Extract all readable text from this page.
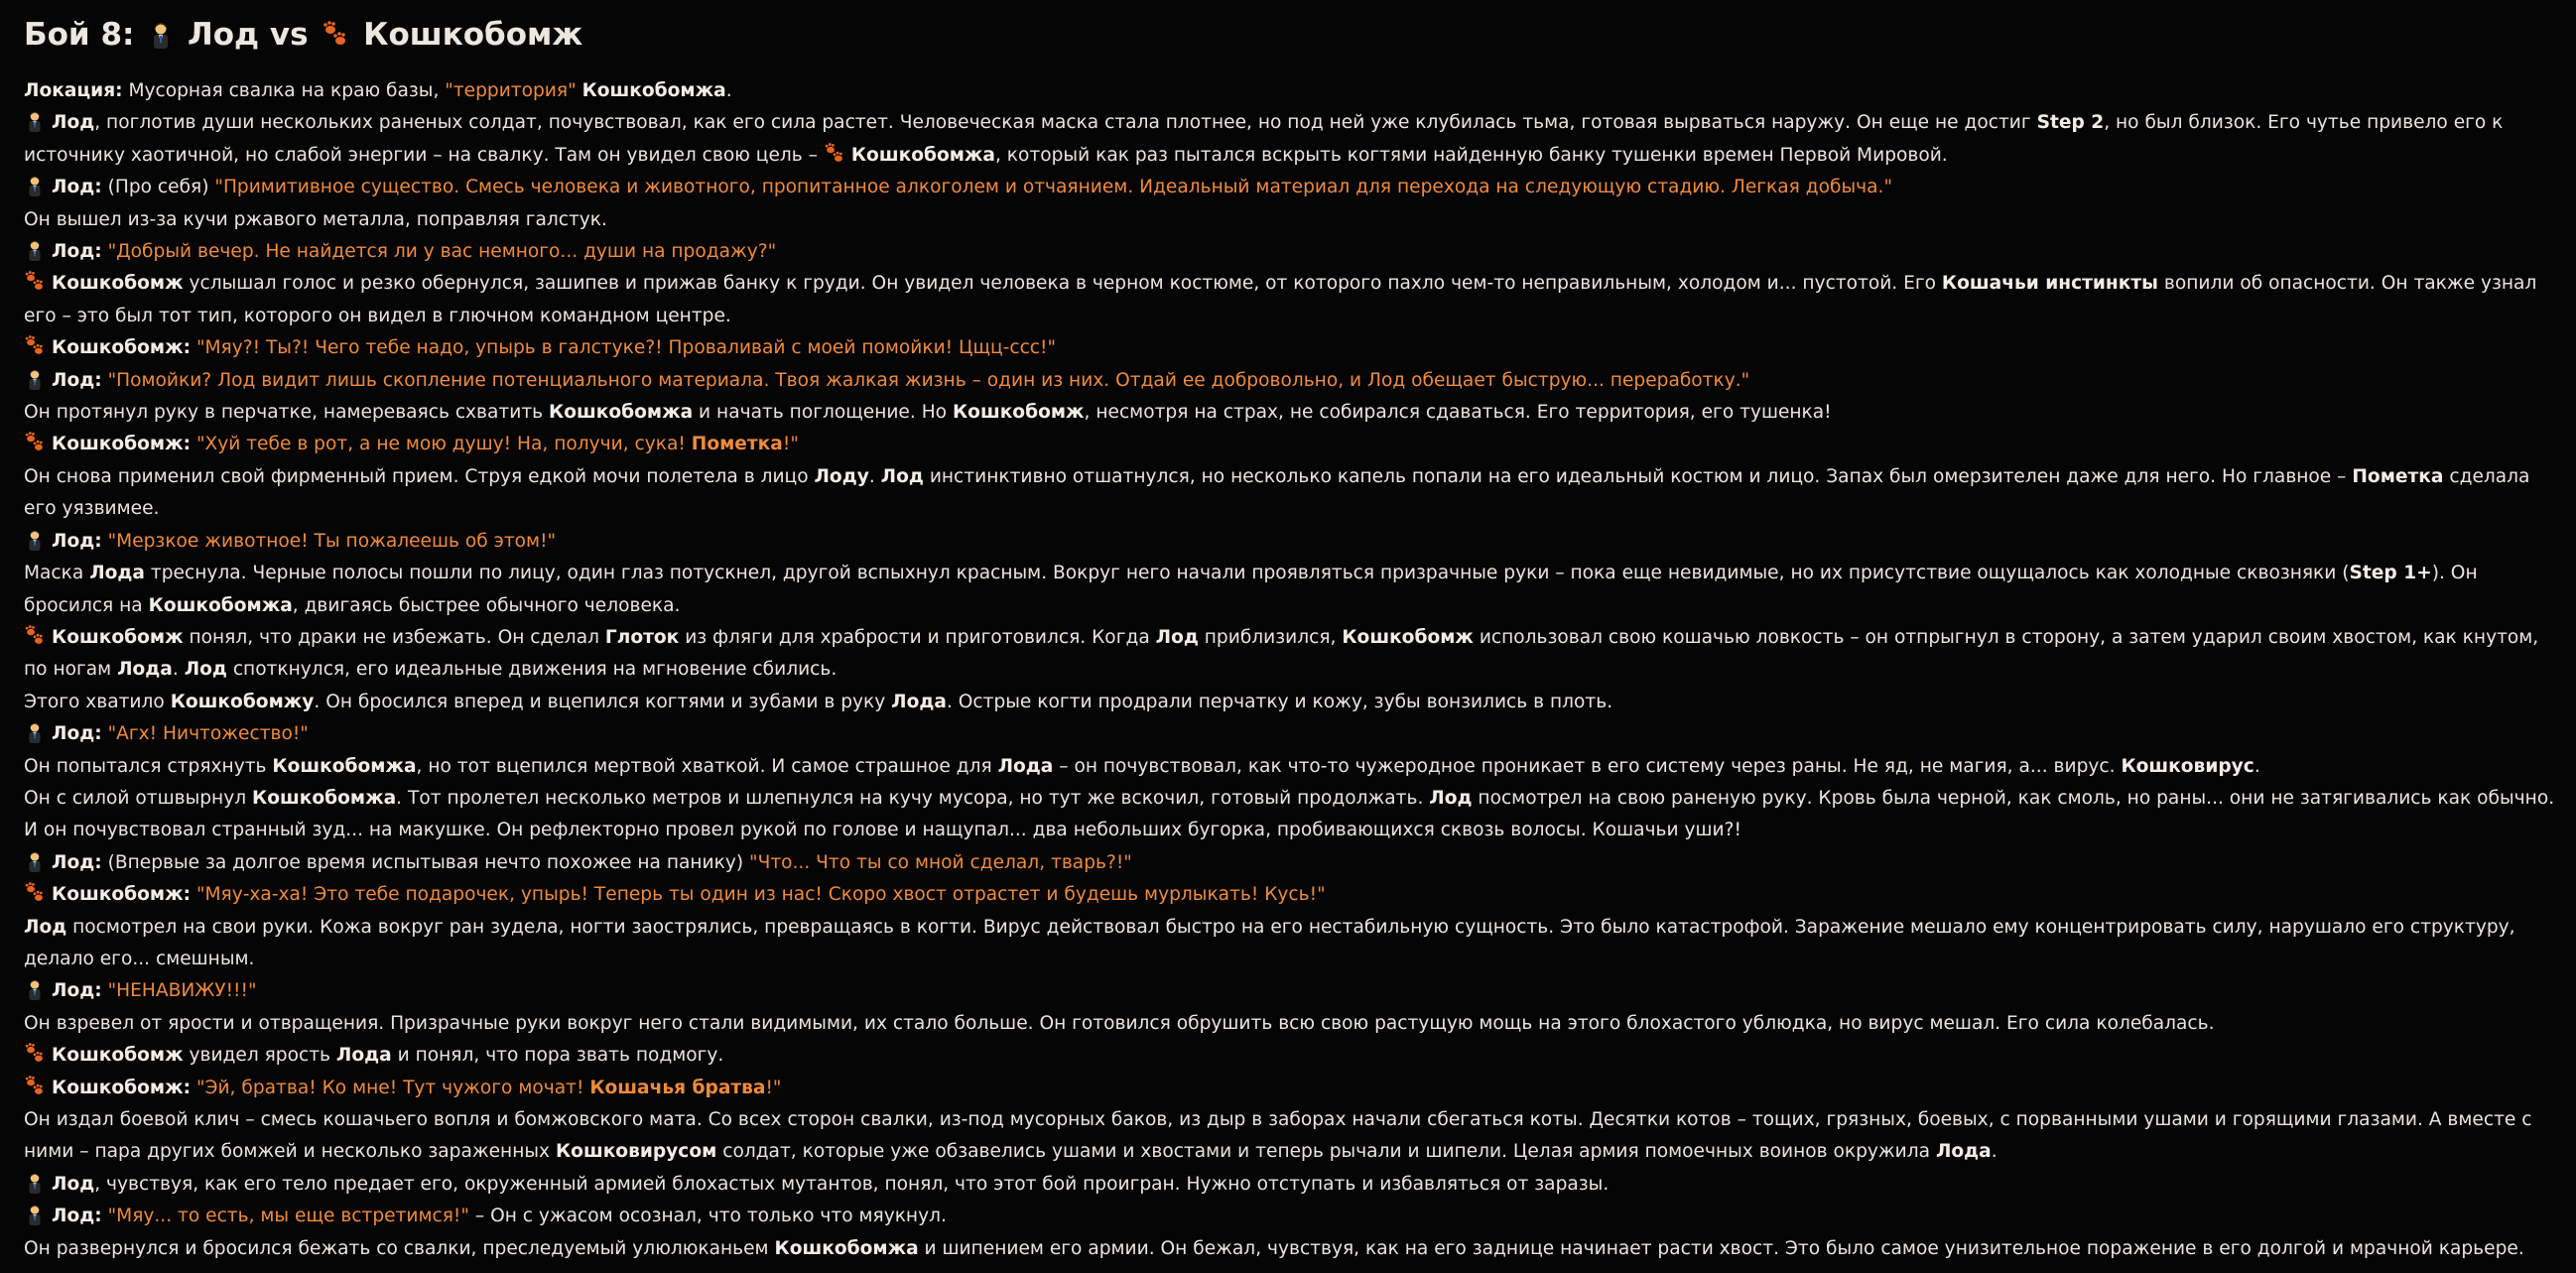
Бой 8: Лод vs Кошкобомж
Локация: Мусорная свалка на краю базы, "территория" Кошкобомжа.
Лод, поглотив души нескольких раненых солдат, почувствовал, как его сила растет. Человеческая маска стала плотнее, но под ней уже клубилась тьма, готовая вырваться наружу. Он еще не достиг Step 2, но был близок. Его чутье привело его к
источнику хаотичной, но слабой энергии – на свалку. Там он увидел свою цель – Кошкобомжа, который как раз пытался вскрыть когтями найденную банку тушенки времен Первой Мировой.
Лод: (Про себя) "Примитивное существо. Смесь человека и животного, пропитанное алкоголем и отчаянием. Идеальный материал для перехода на следующую стадию. Легкая добыча."
Он вышел из-за кучи ржавого металла, поправляя галстук.
Лод: "Добрый вечер. Не найдется ли у вас немного... души на продажу?"
Кошкобомж услышал голос и резко обернулся, зашипев и прижав банку к груди. Он увидел человека в черном костюме, от которого пахло чем-то неправильным, холодом и... пустотой. Его Кошачьи инстинкты вопили об опасности. Он также узнал
его – это был тот тип, которого он видел в глючном командном центре.
Кошкобомж: "Мяу?! Ты?! Чего тебе надо, упырь в галстуке?! Проваливай с моей помойки! Цщц-ссс!"
Лод: "Помойки? Лод видит лишь скопление потенциального материала. Твоя жалкая жизнь – один из них. Отдай ее добровольно, и Лод обещает быструю... переработку."
Он протянул руку в перчатке, намереваясь схватить Кошкобомжа и начать поглощение. Но Кошкобомж, несмотря на страх, не собирался сдаваться. Его территория, его тушенка!
Кошкобомж: "Хуй тебе в рот, а не мою душу! На, получи, сука! Пометка!"
Он снова применил свой фирменный прием. Струя едкой мочи полетела в лицо Лоду. Лод инстинктивно отшатнулся, но несколько капель попали на его идеальный костюм и лицо. Запах был омерзителен даже для него. Но главное – Пометка сделала
его уязвимее.
Лод: "Мерзкое животное! Ты пожалеешь об этом!"
Маска Лода треснула. Черные полосы пошли по лицу, один глаз потускнел, другой вспыхнул красным. Вокруг него начали проявляться призрачные руки – пока еще невидимые, но их присутствие ощущалось как холодные сквозняки (Step 1+). Он
бросился на Кошкобомжа, двигаясь быстрее обычного человека.
Кошкобомж понял, что драки не избежать. Он сделал Глоток из фляги для храбрости и приготовился. Когда Лод приблизился, Кошкобомж использовал свою кошачью ловкость – он отпрыгнул в сторону, а затем ударил своим хвостом, как кнутом,
по ногам Лода. Лод споткнулся, его идеальные движения на мгновение сбились.
Этого хватило Кошкобомжу. Он бросился вперед и вцепился когтями и зубами в руку Лода. Острые когти продрали перчатку и кожу, зубы вонзились в плоть.
Лод: "Агх! Ничтожество!"
Он попытался стряхнуть Кошкобомжа, но тот вцепился мертвой хваткой. И самое страшное для Лода – он почувствовал, как что-то чужеродное проникает в его систему через раны. Не яд, не магия, а... вирус. Кошковирус.
Он с силой отшвырнул Кошкобомжа. Тот пролетел несколько метров и шлепнулся на кучу мусора, но тут же вскочил, готовый продолжать. Лод посмотрел на свою раненую руку. Кровь была черной, как смоль, но раны... они не затягивались как обычно.
И он почувствовал странный зуд... на макушке. Он рефлекторно провел рукой по голове и нащупал... два небольших бугорка, пробивающихся сквозь волосы. Кошачьи уши?!
Лод: (Впервые за долгое время испытывая нечто похожее на панику) "Что... Что ты со мной сделал, тварь?!"
Кошкобомж: "Мяу-ха-ха! Это тебе подарочек, упырь! Теперь ты один из нас! Скоро хвост отрастет и будешь мурлыкать! Кусь!"
Лод посмотрел на свои руки. Кожа вокруг ран зудела, ногти заострялись, превращаясь в когти. Вирус действовал быстро на его нестабильную сущность. Это было катастрофой. Заражение мешало ему концентрировать силу, нарушало его структуру,
делало его... смешным.
Лод: "НЕНАВИЖУ!!!"
Он взревел от ярости и отвращения. Призрачные руки вокруг него стали видимыми, их стало больше. Он готовился обрушить всю свою растущую мощь на этого блохастого ублюдка, но вирус мешал. Его сила колебалась.
Кошкобомж увидел ярость Лода и понял, что пора звать подмогу.
Кошкобомж: "Эй, братва! Ко мне! Тут чужого мочат! Кошачья братва!"
Он издал боевой клич – смесь кошачьего вопля и бомжовского мата. Со всех сторон свалки, из-под мусорных баков, из дыр в заборах начали сбегаться коты. Десятки котов – тощих, грязных, боевых, с порванными ушами и горящими глазами. А вместе с
ними – пара других бомжей и несколько зараженных Кошковирусом солдат, которые уже обзавелись ушами и хвостами и теперь рычали и шипели. Целая армия помоечных воинов окружила Лода.
Лод, чувствуя, как его тело предает его, окруженный армией блохастых мутантов, понял, что этот бой проигран. Нужно отступать и избавляться от заразы.
Лод: "Мяу... то есть, мы еще встретимся!" – Он с ужасом осознал, что только что мяукнул.
Он развернулся и бросился бежать со свалки, преследуемый улюлюканьем Кошкобомжа и шипением его армии. Он бежал, чувствуя, как на его заднице начинает расти хвост. Это было самое унизительное поражение в его долгой и мрачной карьере.
